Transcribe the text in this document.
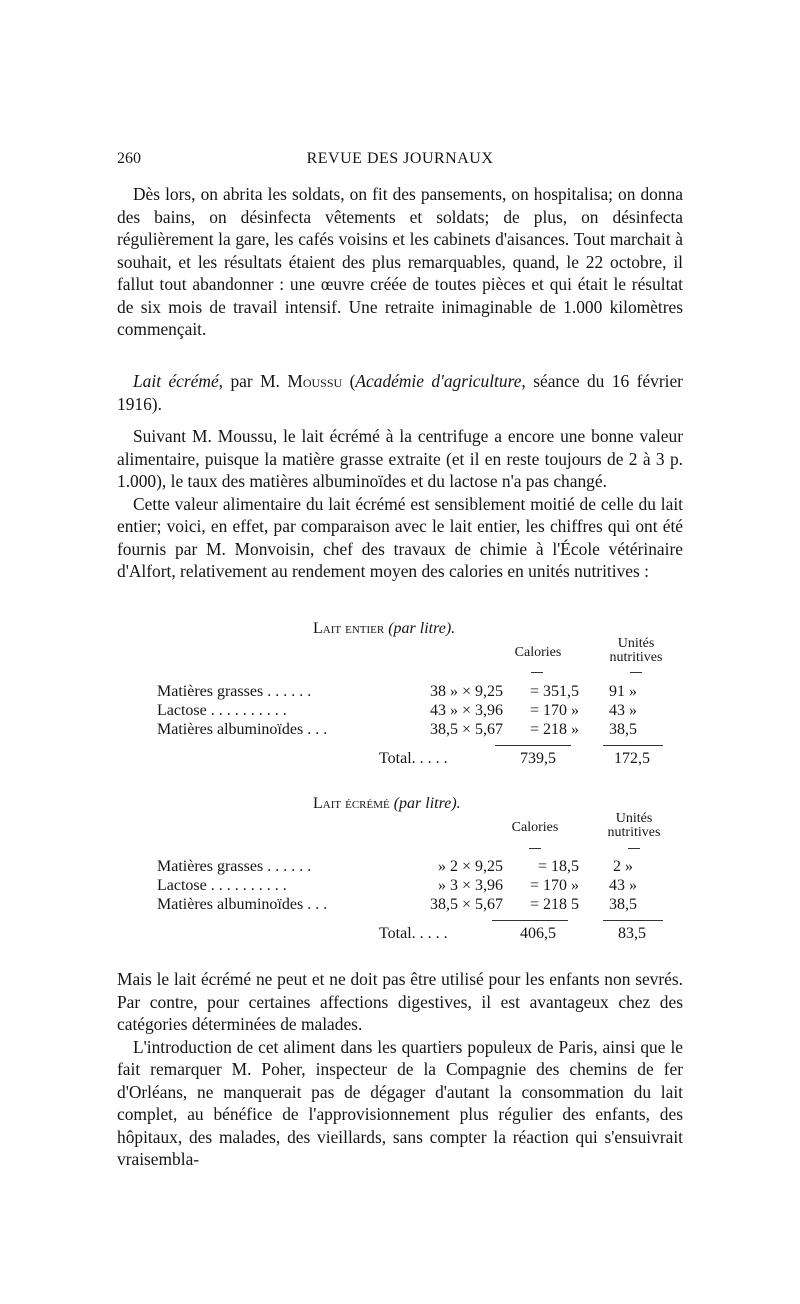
260	REVUE DES JOURNAUX

Dès lors, on abrita les soldats, on fit des pansements, on hospitalisa; on donna des bains, on désinfecta vêtements et soldats; de plus, on désinfecta régulièrement la gare, les cafés voisins et les cabinets d'aisances. Tout marchait à souhait, et les résultats étaient des plus remarquables, quand, le 22 octobre, il fallut tout abandonner : une œuvre créée de toutes pièces et qui était le résultat de six mois de travail intensif. Une retraite inimaginable de 1.000 kilomètres commençait.

Lait écrémé, par M. Moussu (Académie d'agriculture, séance du 16 février 1916).

Suivant M. Moussu, le lait écrémé à la centrifuge a encore une bonne valeur alimentaire, puisque la matière grasse extraite (et il en reste toujours de 2 à 3 p. 1.000), le taux des matières albuminoïdes et du lactose n'a pas changé.

Cette valeur alimentaire du lait écrémé est sensiblement moitié de celle du lait entier; voici, en effet, par comparaison avec le lait entier, les chiffres qui ont été fournis par M. Monvoisin, chef des travaux de chimie à l'École vétérinaire d'Alfort, relativement au rendement moyen des calories en unités nutritives :

Lait entier (par litre).
Calories
Unités
nutritives
Matières grasses . . . . . .	38 » × 9,25	= 351,5	91 »
Lactose . . . . . . . . . .	43 » × 3,96	= 170 »	43 »
Matières albuminoïdes . . .	38,5 × 5,67	= 218 »	38,5
Total. . . . .	739,5	172,5
Lait écrémé (par litre).
Calories
Unités
nutritives
Matières grasses . . . . . .	» 2 × 9,25	= 18,5	2 »
Lactose . . . . . . . . . .	» 3 × 3,96	= 170 »	43 »
Matières albuminoïdes . . .	38,5 × 5,67	= 218 5	38,5
Total. . . . .	406,5	83,5

Mais le lait écrémé ne peut et ne doit pas être utilisé pour les enfants non sevrés. Par contre, pour certaines affections digestives, il est avantageux chez des catégories déterminées de malades.

L'introduction de cet aliment dans les quartiers populeux de Paris, ainsi que le fait remarquer M. Poher, inspecteur de la Compagnie des chemins de fer d'Orléans, ne manquerait pas de dégager d'autant la consommation du lait complet, au bénéfice de l'approvisionnement plus régulier des enfants, des hôpitaux, des malades, des vieillards, sans compter la réaction qui s'ensuivrait vraisembla-
